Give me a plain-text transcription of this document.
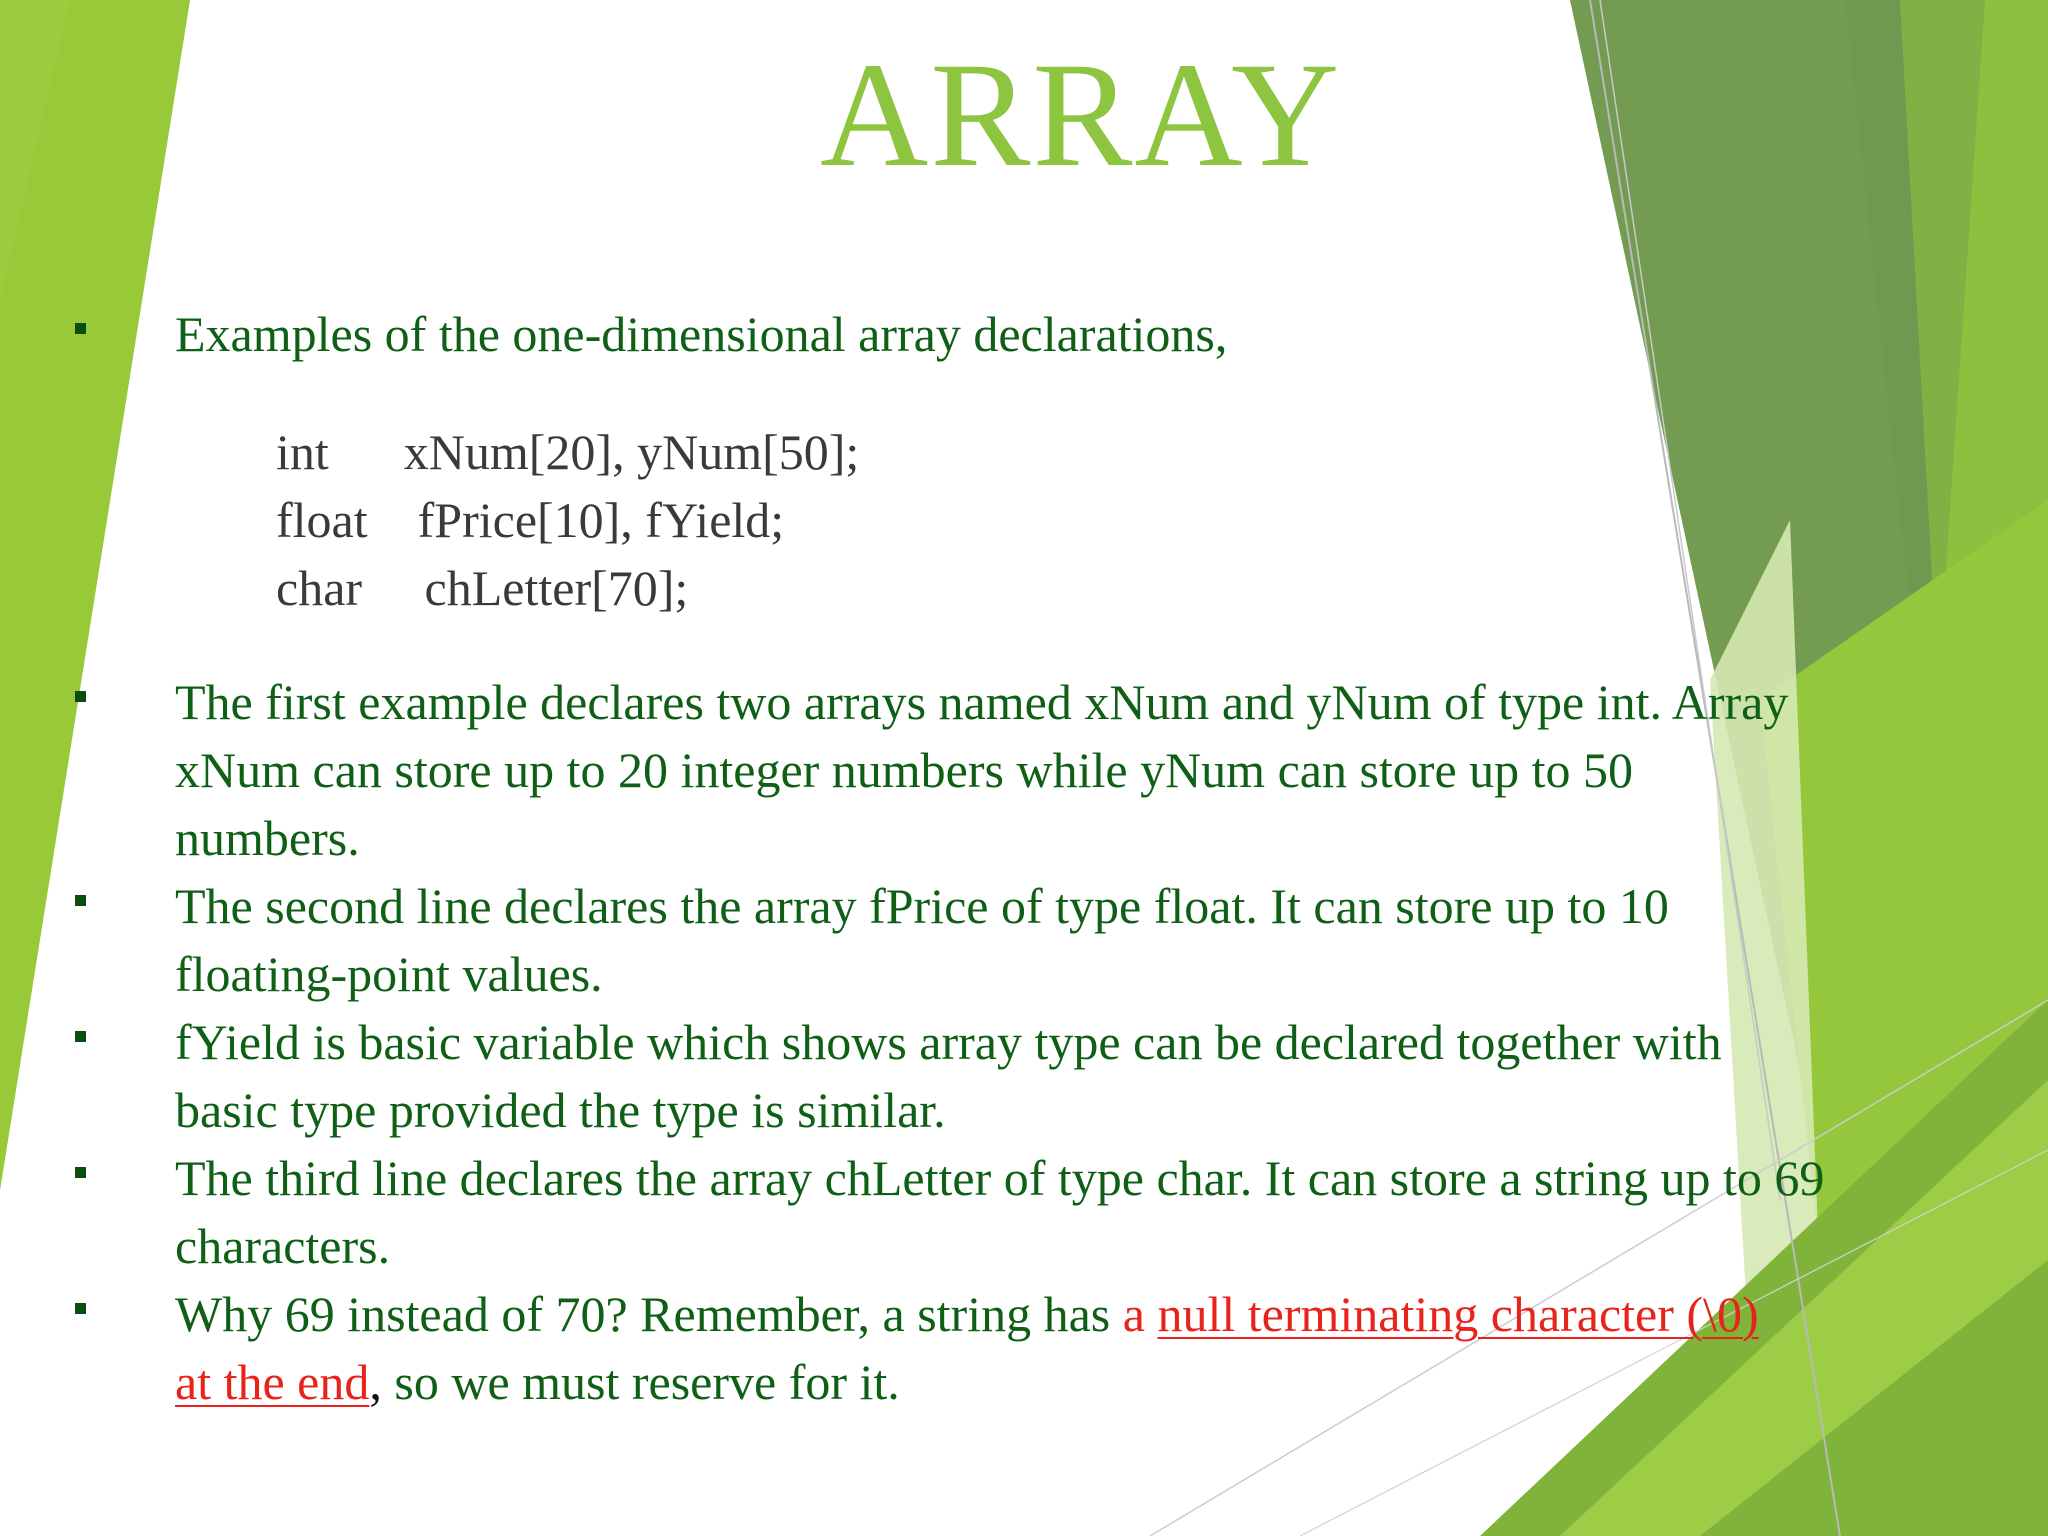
ARRAY

Examples of the one-dimensional array declarations,

int      xNum[20], yNum[50];

float    fPrice[10], fYield;

char     chLetter[70];

The first example declares two arrays named xNum and yNum of type int. Array xNum can store up to 20 integer numbers while yNum can store up to 50 numbers.

The second line declares the array fPrice of type float. It can store up to 10 floating-point values.

fYield is basic variable which shows array type can be declared together with basic type provided the type is similar.

The third line declares the array chLetter of type char. It can store a string up to 69 characters.

Why 69 instead of 70? Remember, a string has a null terminating character (\0) at the end, so we must reserve for it.
